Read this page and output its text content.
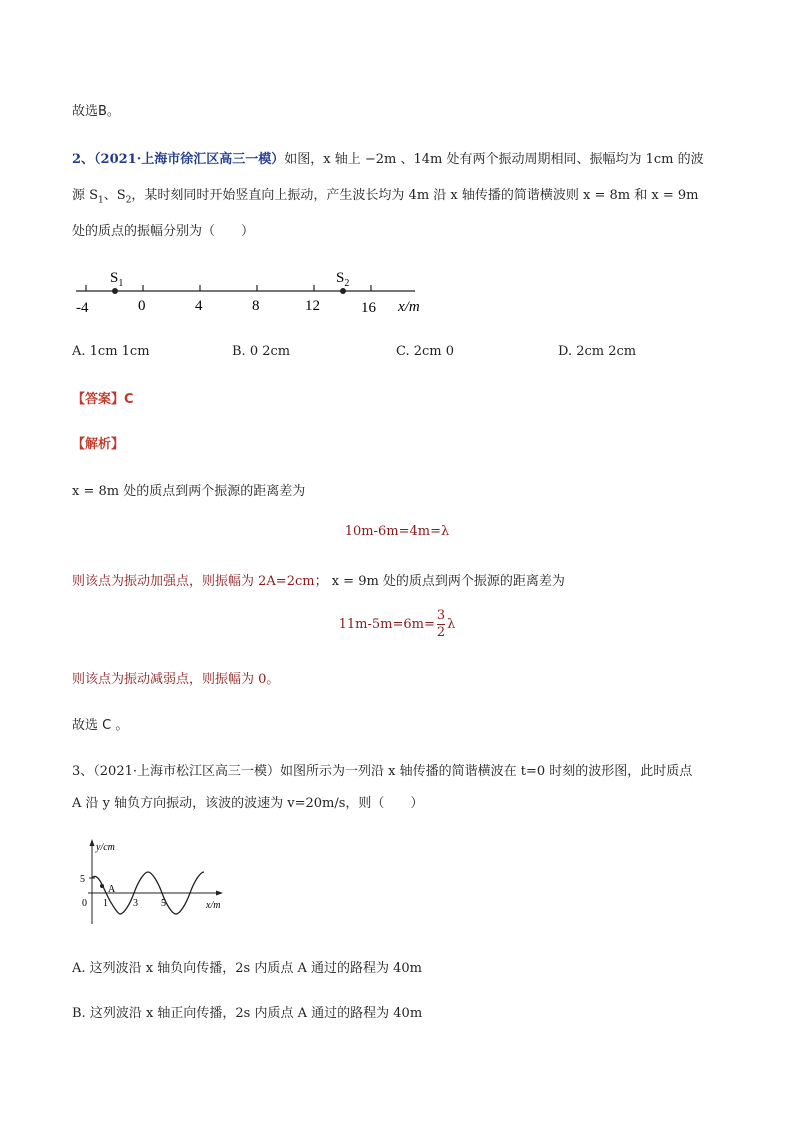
故选B。
2、（2021·上海市徐汇区高三一模）如图，x 轴上 −2m 、14m 处有两个振动周期相同、振幅均为 1cm 的波
源 $S_1$、$S_2$，某时刻同时开始竖直向上振动，产生波长均为 4m 沿 x 轴传播的简谐横波则 x = 8m 和 x = 9m
处的质点的振幅分别为（　　）
$S_1$	$S_2$
-4	0	4	8	12	16 x/m
A. 1cm 1cm	B. 0 2cm	C. 2cm 0	D. 2cm 2cm
【答案】C
【解析】
x = 8m 处的质点到两个振源的距离差为
10m-6m=4m=λ
则该点为振动加强点，则振幅为 2A=2cm； x = 9m 处的质点到两个振源的距离差为
$11m-5m=6m= \frac{3}{2}$ λ
则该点为振动减弱点，则振幅为 0。
故选 C 。
3、（2021·上海市松江区高三一模）如图所示为一列沿 x 轴传播的简谐横波在 t=0 时刻的波形图，此时质点
A 沿 y 轴负方向振动，该波的波速为 v=20m/s，则（　　）
y/cm
5
0
A
1	3 5	x/m
A. 这列波沿 x 轴负向传播，2s 内质点 A 通过的路程为 40m
B. 这列波沿 x 轴正向传播，2s 内质点 A 通过的路程为 40m
